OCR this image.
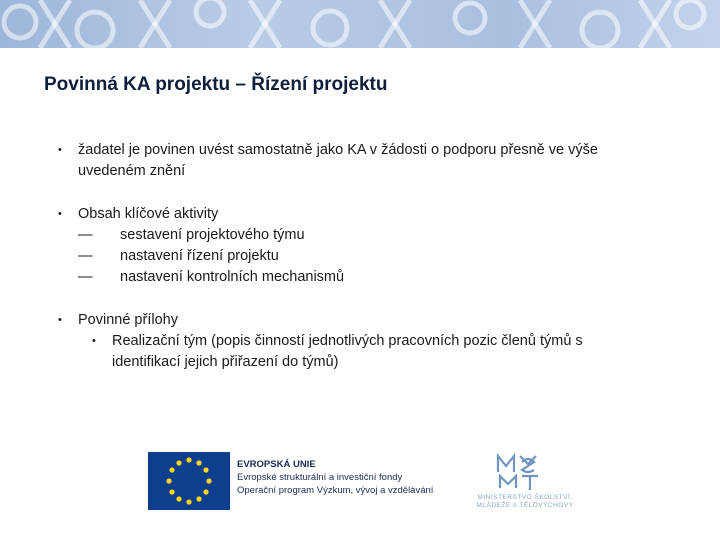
Povinná KA projektu – Řízení projektu
• žadatel je povinen uvést samostatně jako KA v žádosti o podporu přesně ve výše
uvedeném znění
• Obsah klíčové aktivity
— sestavení projektového týmu
— nastavení řízení projektu
— nastavení kontrolních mechanismů
• Povinné přílohy
• Realizační tým (popis činností jednotlivých pracovních pozic členů týmů s
identifikací jejich přiřazení do týmů)
EVROPSKÁ UNIE
Evropské strukturální a investiční fondy
Operační program Výzkum, vývoj a vzdělávání
MINISTERSTVO ŠKOLSTVÍ,
MLÁDEŽE A TĚLOVÝCHOVY
